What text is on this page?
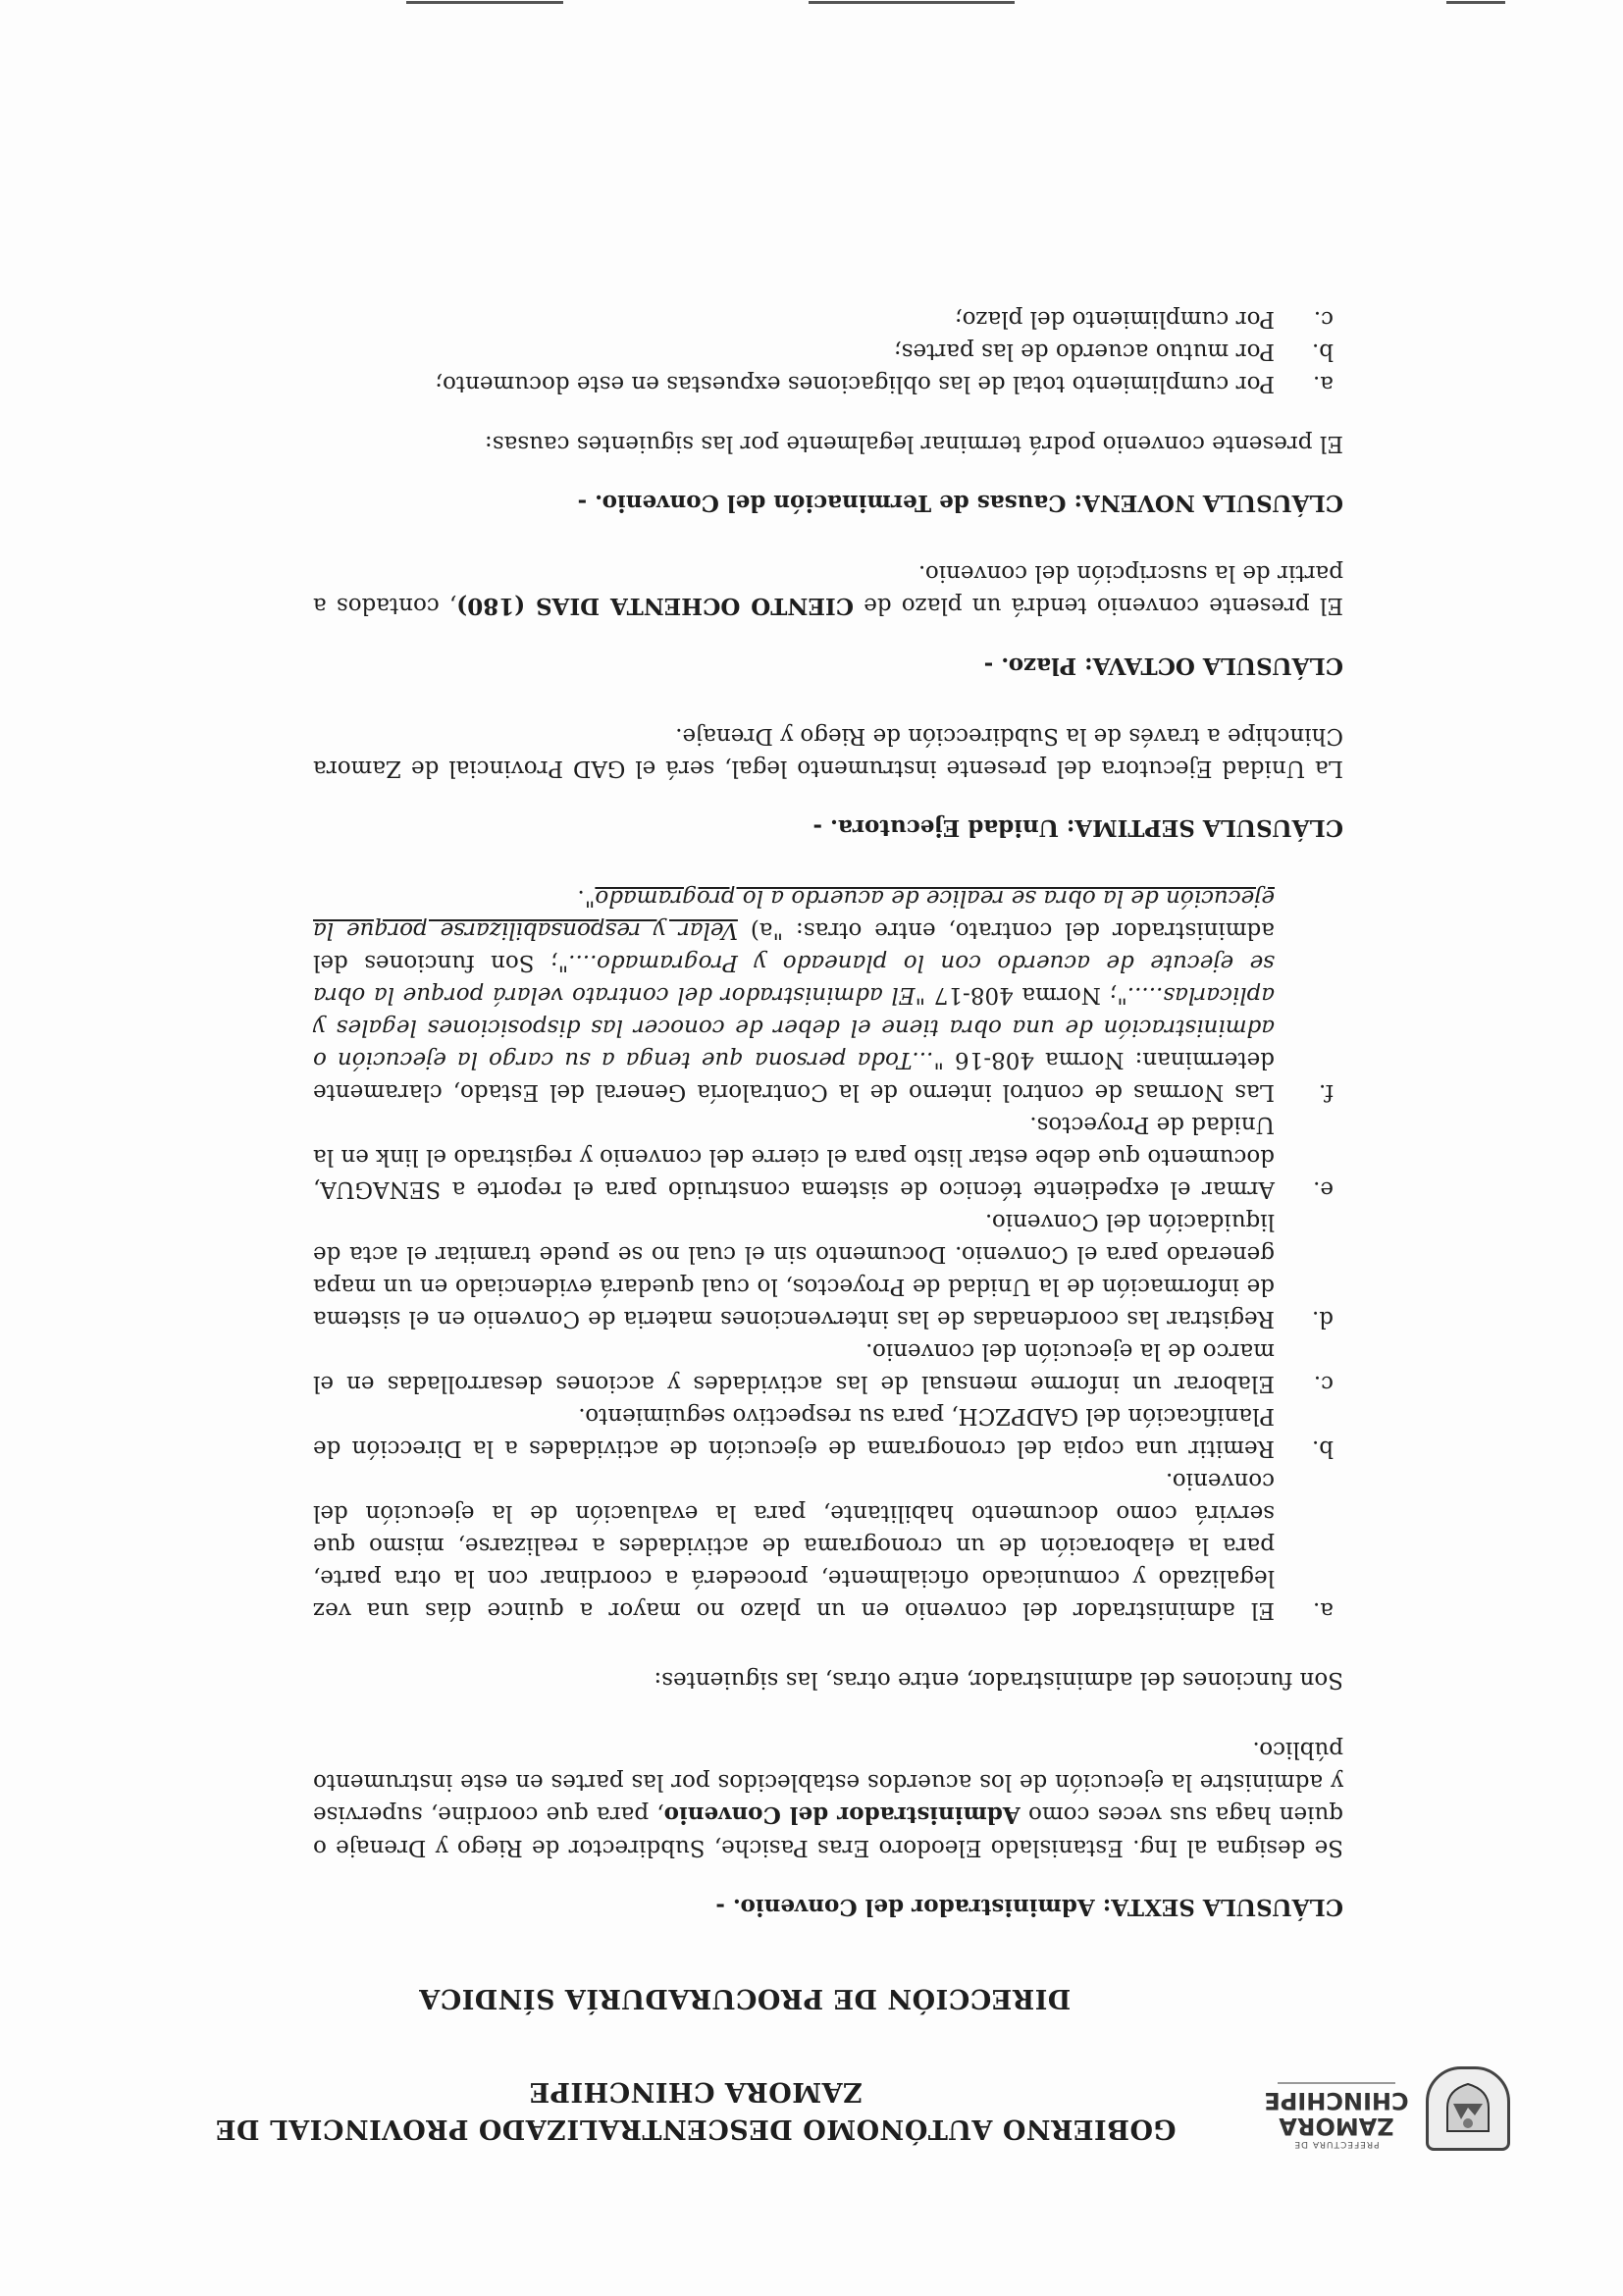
PREFECTURA DE
ZAMORA
CHINCHIPE
GOBIERNO AUTÓNOMO DESCENTRALIZADO PROVINCIAL DE
ZAMORA CHINCHIPE
DIRECCIÓN DE PROCURADURÍA SÍNDICA
CLÁUSULA SEXTA: Administrador del Convenio. -

Se designa al Ing. Estanislado Eleodoro Eras Pasiche, Subdirector de Riego y Drenaje o quien haga sus veces como Administrador del Convenio, para que coordine, supervise y administre la ejecución de los acuerdos establecidos por las partes en este instrumento público.

Son funciones del administrador, entre otras, las siguientes:

a.
El administrador del convenio en un plazo no mayor a quince días una vez legalizado y comunicado oficialmente, procederá a coordinar con la otra parte, para la elaboración de un cronograma de actividades a realizarse, mismo que servirá como documento habilitante, para la evaluación de la ejecución del convenio.
b.
Remitir una copia del cronograma de ejecución de actividades a la Dirección de Planificación del GADPZCH, para su respectivo seguimiento.
c.
Elaborar un informe mensual de las actividades y acciones desarrolladas en el marco de la ejecución del convenio.
d.
Registrar las coordenadas de las intervenciones materia de Convenio en el sistema de información de la Unidad de Proyectos, lo cual quedará evidenciado en un mapa generado para el Convenio. Documento sin el cual no se puede tramitar el acta de liquidación del Convenio.
e.
Armar el expediente técnico de sistema construido para el reporte a SENAGUA, documento que debe estar listo para el cierre del convenio y registrado el link en la Unidad de Proyectos.
f.
Las Normas de control interno de la Contraloría General del Estado, claramente determinan: Norma 408-16 "...Toda persona que tenga a su cargo la ejecución o administración de una obra tiene el deber de conocer las disposiciones legales y aplicarlas....."; Norma 408-17 "El administrador del contrato velará porque la obra se ejecute de acuerdo con lo planeado y Programado...."; Son funciones del administrador del contrato, entre otras: "a) Velar y responsabilizarse porque la ejecución de la obra se realice de acuerdo a lo programado".
CLÁUSULA SEPTIMA: Unidad Ejecutora. -

La Unidad Ejecutora del presente instrumento legal, será el GAD Provincial de Zamora Chinchipe a través de la Subdirección de Riego y Drenaje.

CLÁUSULA OCTAVA: Plazo. -

El presente convenio tendrá un plazo de CIENTO OCHENTA DIAS (180), contados a partir de la suscripción del convenio.

CLÁUSULA NOVENA: Causas de Terminación del Convenio. -

El presente convenio podrá terminar legalmente por las siguientes causas:

a.
Por cumplimiento total de las obligaciones expuestas en este documento;
b.
Por mutuo acuerdo de las partes;
c.
Por cumplimiento del plazo;
